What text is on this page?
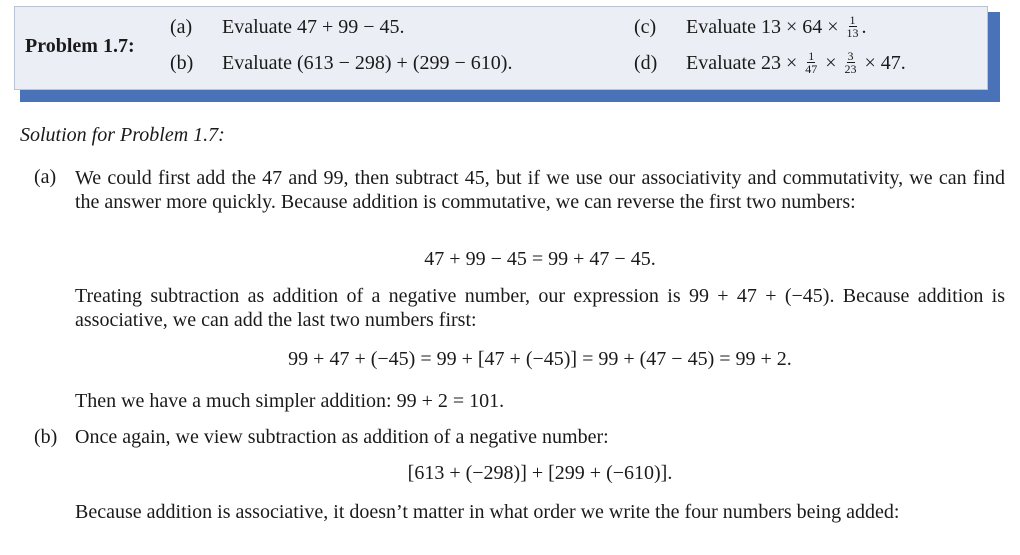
Problem 1.7:
(a)	Evaluate 47 + 99 − 45.
(b)	Evaluate (613 − 298) + (299 − 610).
(c)	Evaluate $13 \times 64 \times \frac{1}{13}$ .
(d)	Evaluate $23 \times \frac{1}{47} \times \frac{3}{23} \times 47$.
Solution for Problem 1.7:
(a) We could first add the 47 and 99, then subtract 45, but if we use our associativity and commutativity, we can find the answer more quickly. Because addition is commutative, we can reverse the first two numbers:
47 + 99 − 45 = 99 + 47 − 45.
Treating subtraction as addition of a negative number, our expression is 99 + 47 + (−45). Because addition is associative, we can add the last two numbers first:
99 + 47 + (−45) = 99 + [47 + (−45)] = 99 + (47 − 45) = 99 + 2.
Then we have a much simpler addition: 99 + 2 = 101.
(b) Once again, we view subtraction as addition of a negative number:
[613 + (−298)] + [299 + (−610)].
Because addition is associative, it doesn’t matter in what order we write the four numbers being added:
